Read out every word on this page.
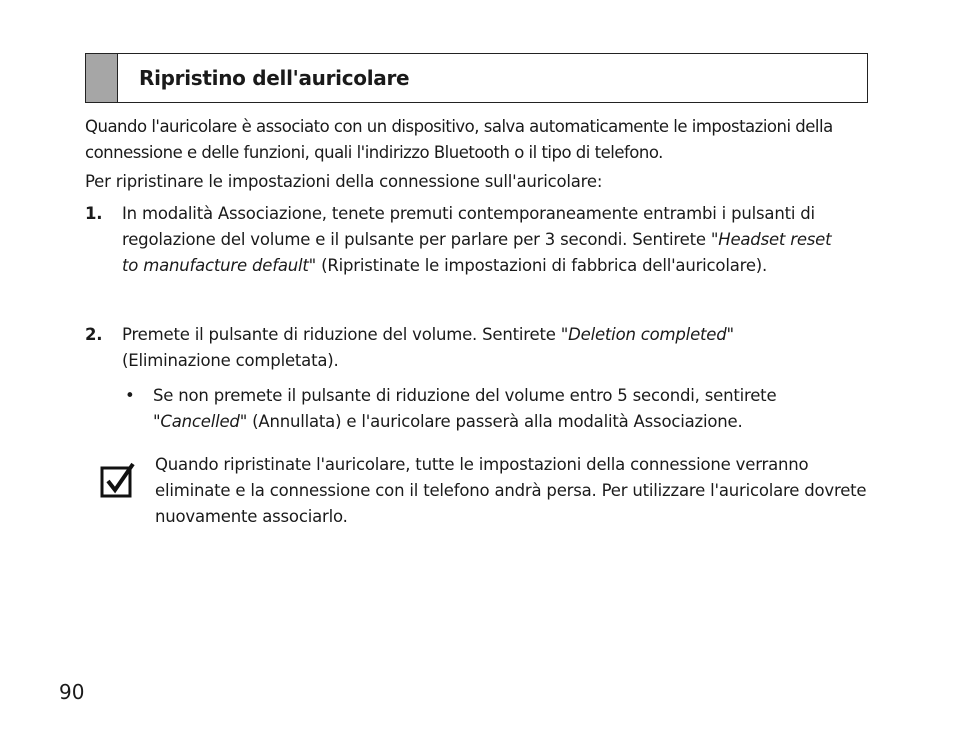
Ripristino dell'auricolare

Quando l'auricolare è associato con un dispositivo, salva automaticamente le impostazioni della connessione e delle funzioni, quali l'indirizzo Bluetooth o il tipo di telefono.

Per ripristinare le impostazioni della connessione sull'auricolare:

1. In modalità Associazione, tenete premuti contemporaneamente entrambi i pulsanti di regolazione del volume e il pulsante per parlare per 3 secondi. Sentirete "Headset reset to manufacture default" (Ripristinate le impostazioni di fabbrica dell'auricolare).
2. Premete il pulsante di riduzione del volume. Sentirete "Deletion completed" (Eliminazione completata).
• Se non premete il pulsante di riduzione del volume entro 5 secondi, sentirete "Cancelled" (Annullata) e l'auricolare passerà alla modalità Associazione.
Quando ripristinate l'auricolare, tutte le impostazioni della connessione verranno eliminate e la connessione con il telefono andrà persa. Per utilizzare l'auricolare dovrete nuovamente associarlo.
90
